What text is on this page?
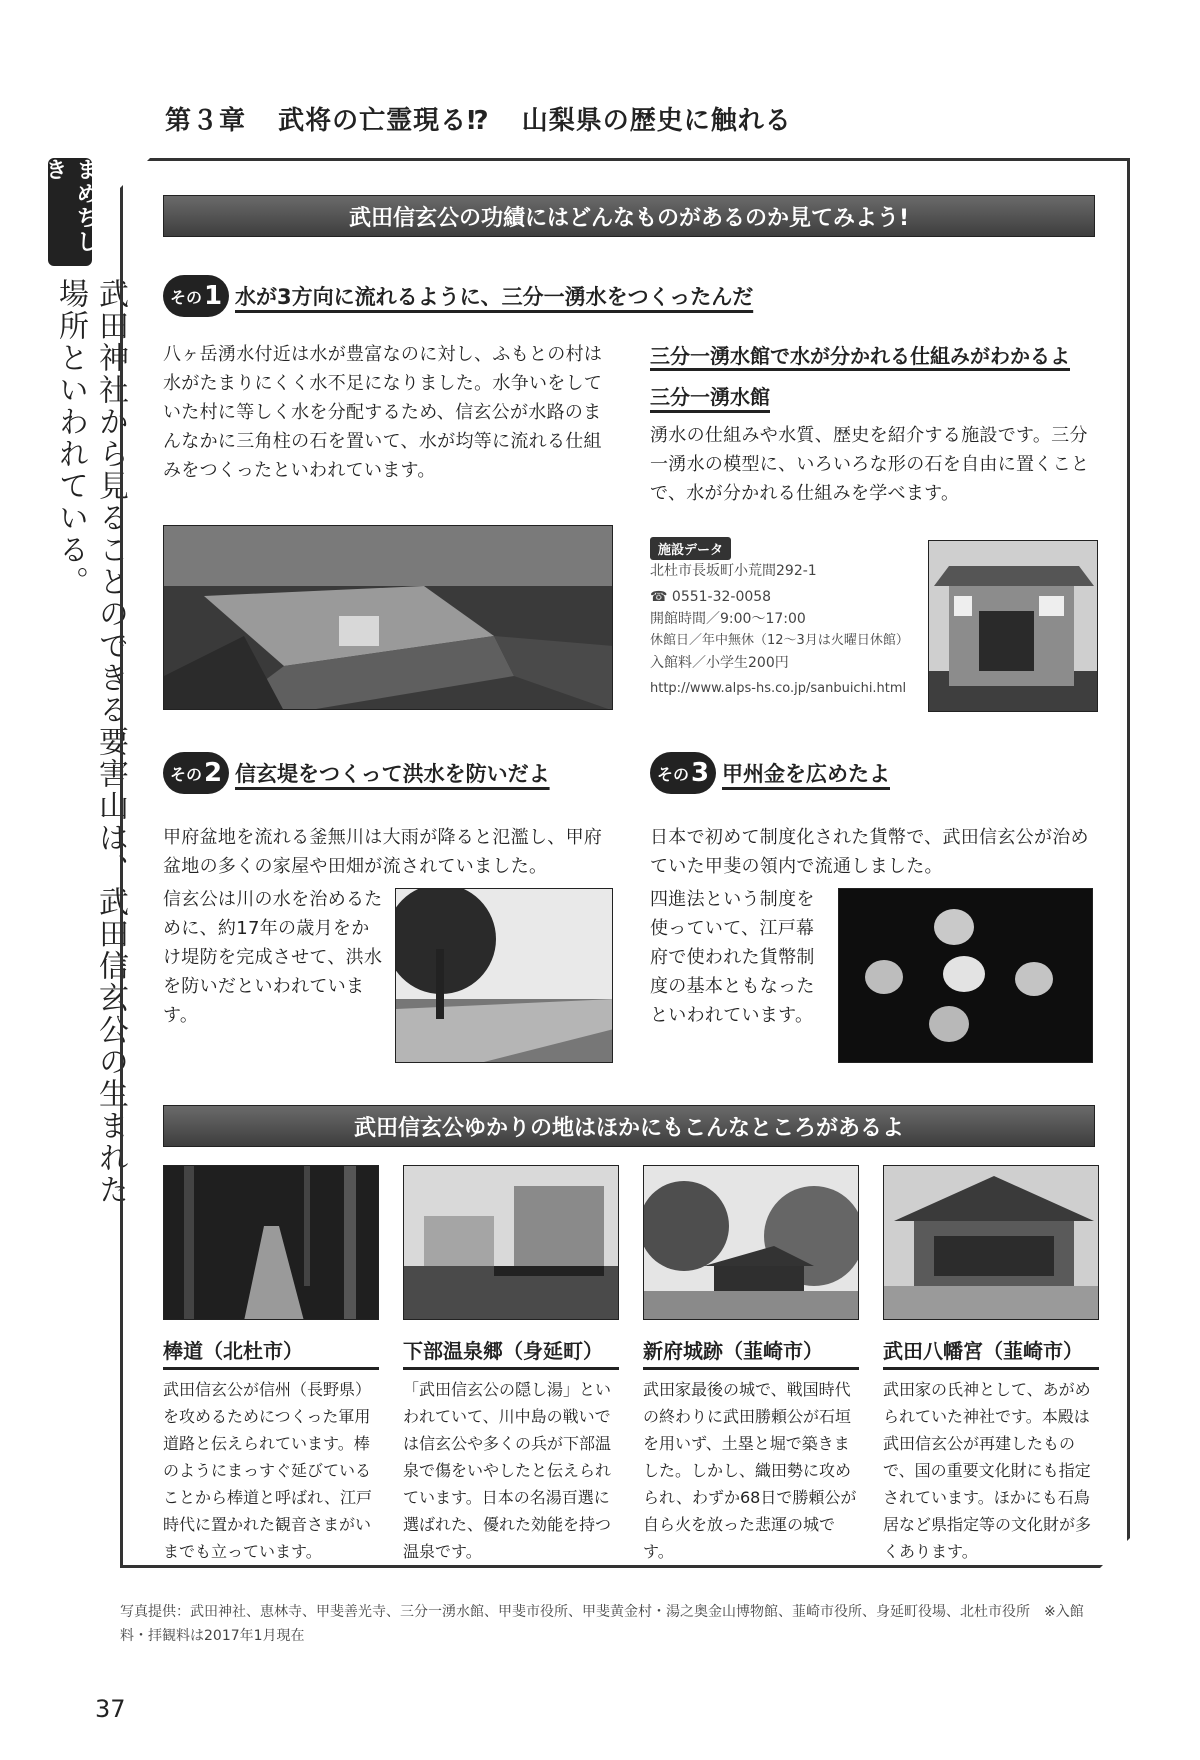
第３章 武将の亡霊現る⁉ 山梨県の歴史に触れる
まめちしき
武田神社から見ることのできる要害山は、武田信玄公の生まれた場所といわれている。
武田信玄公の功績にはどんなものがあるのか見てみよう!
その 1 水が3方向に流れるように、三分一湧水をつくったんだ
八ヶ岳湧水付近は水が豊富なのに対し、ふもとの村は水がたまりにくく水不足になりました。水争いをしていた村に等しく水を分配するため、信玄公が水路のまんなかに三角柱の石を置いて、水が均等に流れる仕組みをつくったといわれています。
三分一湧水館で水が分かれる仕組みがわかるよ
三分一湧水館
湧水の仕組みや水質、歴史を紹介する施設です。三分一湧水の模型に、いろいろな形の石を自由に置くことで、水が分かれる仕組みを学べます。
施設データ
北杜市長坂町小荒間292-1
☎ 0551-32-0058
開館時間／9:00～17:00
休館日／年中無休（12～3月は火曜日休館）
入館料／小学生200円
http://www.alps-hs.co.jp/sanbuichi.html
その 2 信玄堤をつくって洪水を防いだよ
甲府盆地を流れる釜無川は大雨が降ると氾濫し、甲府盆地の多くの家屋や田畑が流されていました。
信玄公は川の水を治めるために、約17年の歳月をかけ堤防を完成させて、洪水を防いだといわれています。
その 3 甲州金を広めたよ
日本で初めて制度化された貨幣で、武田信玄公が治めていた甲斐の領内で流通しました。
四進法という制度を使っていて、江戸幕府で使われた貨幣制度の基本ともなったといわれています。
武田信玄公ゆかりの地はほかにもこんなところがあるよ
棒道（北杜市）
武田信玄公が信州（長野県）を攻めるためにつくった軍用道路と伝えられています。棒のようにまっすぐ延びていることから棒道と呼ばれ、江戸時代に置かれた観音さまがいまでも立っています。
下部温泉郷（身延町）
「武田信玄公の隠し湯」といわれていて、川中島の戦いでは信玄公や多くの兵が下部温泉で傷をいやしたと伝えられています。日本の名湯百選に選ばれた、優れた効能を持つ温泉です。
新府城跡（韮崎市）
武田家最後の城で、戦国時代の終わりに武田勝頼公が石垣を用いず、土塁と堀で築きました。しかし、織田勢に攻められ、わずか68日で勝頼公が自ら火を放った悲運の城です。
武田八幡宮（韮崎市）
武田家の氏神として、あがめられていた神社です。本殿は武田信玄公が再建したもので、国の重要文化財にも指定されています。ほかにも石鳥居など県指定等の文化財が多くあります。
写真提供：武田神社、恵林寺、甲斐善光寺、三分一湧水館、甲斐市役所、甲斐黄金村・湯之奥金山博物館、韮崎市役所、身延町役場、北杜市役所　※入館料・拝観料は2017年1月現在
37
